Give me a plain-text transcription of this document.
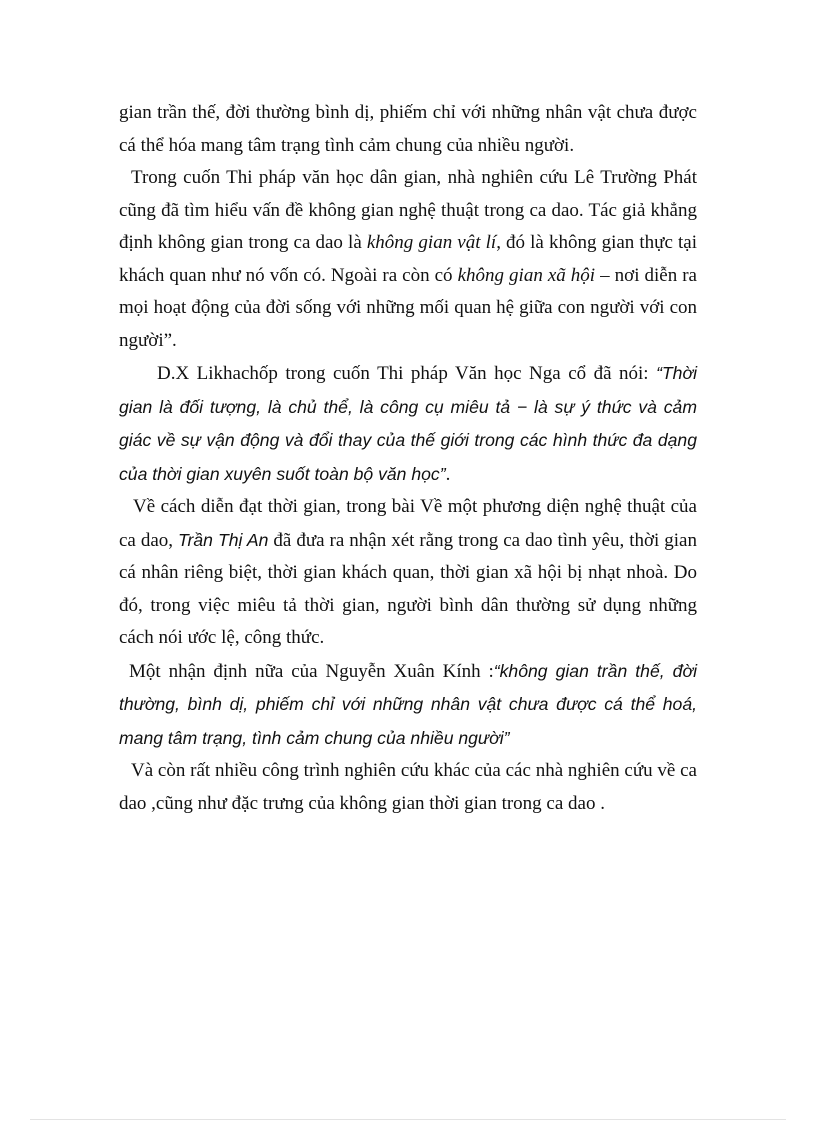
gian trần thế, đời thường bình dị, phiếm chỉ với những nhân vật chưa được cá thể hóa mang tâm trạng tình cảm chung của nhiều người.

Trong cuốn Thi pháp văn học dân gian, nhà nghiên cứu Lê Trường Phát cũng đã tìm hiểu vấn đề không gian nghệ thuật trong ca dao. Tác giả khẳng định không gian trong ca dao là không gian vật lí, đó là không gian thực tại khách quan như nó vốn có. Ngoài ra còn có không gian xã hội – nơi diễn ra mọi hoạt động của đời sống với những mối quan hệ giữa con người với con người”.

D.X Likhachốp trong cuốn Thi pháp Văn học Nga cổ đã nói: “Thời gian là đối tượng, là chủ thể, là công cụ miêu tả − là sự ý thức và cảm giác về sự vận động và đổi thay của thế giới trong các hình thức đa dạng của thời gian xuyên suốt toàn bộ văn học”.

Về cách diễn đạt thời gian, trong bài Về một phương diện nghệ thuật của ca dao, Trần Thị An đã đưa ra nhận xét rằng trong ca dao tình yêu, thời gian cá nhân riêng biệt, thời gian khách quan, thời gian xã hội bị nhạt nhoà. Do đó, trong việc miêu tả thời gian, người bình dân thường sử dụng những cách nói ước lệ, công thức.

Một nhận định nữa của Nguyễn Xuân Kính :“không gian trần thế, đời thường, bình dị, phiếm chỉ với những nhân vật chưa được cá thể hoá, mang tâm trạng, tình cảm chung của nhiều người”

Và còn rất nhiều công trình nghiên cứu khác của các nhà nghiên cứu về ca dao ,cũng như đặc trưng của không gian thời gian trong ca dao .
